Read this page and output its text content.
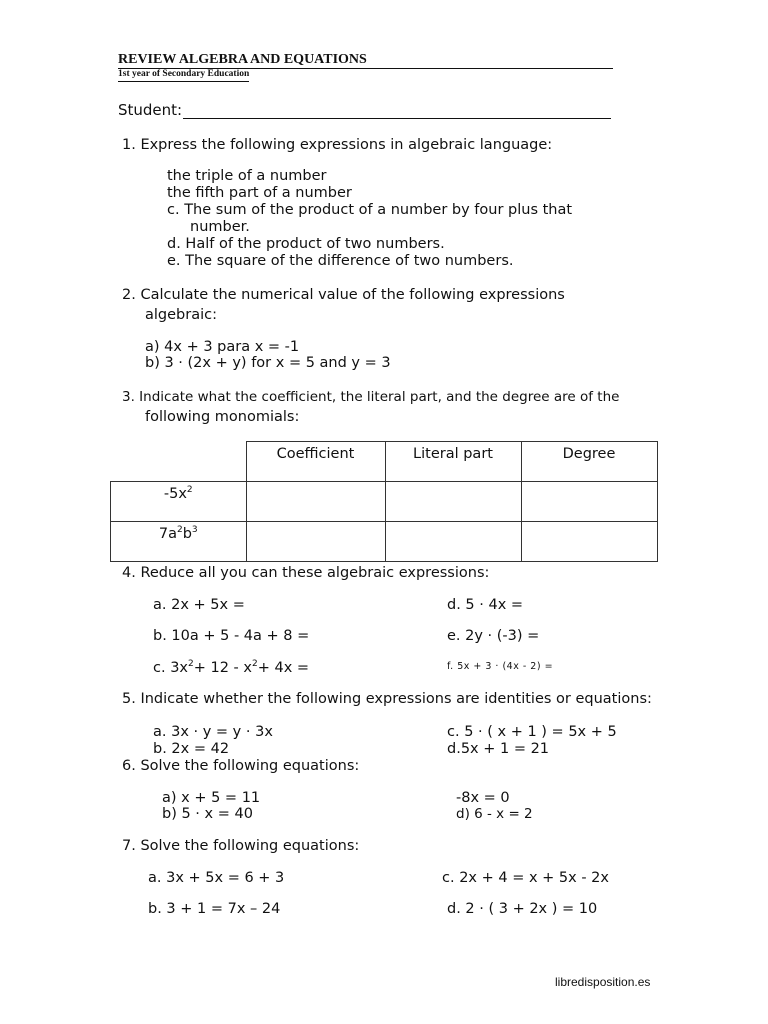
REVIEW ALGEBRA AND EQUATIONS
1st year of Secondary Education
Student:
1. Express the following expressions in algebraic language:
the triple of a number
the fifth part of a number
c. The sum of the product of a number by four plus that
number.
d. Half of the product of two numbers.
e. The square of the difference of two numbers.
2. Calculate the numerical value of the following expressions
algebraic:
a) 4x + 3 para x = -1
b) 3 · (2x + y) for x = 5 and y = 3
3. Indicate what the coefficient, the literal part, and the degree are of the
following monomials:
	Coefficient	Literal part	Degree
$-5x^2$			
$7a^2b^3$			
4. Reduce all you can these algebraic expressions:
a. 2x + 5x =
b. 10a + 5 - 4a + 8 =
c. $3x^2+ 12 - x^2+ 4x$ =
d. 5 · 4x =
e. 2y · (-3) =
f. 5x + 3 · (4x - 2) =
5. Indicate whether the following expressions are identities or equations:
a. 3x · y = y · 3x
b. 2x = 42
c. 5 · ( x + 1 ) = 5x + 5
d.5x + 1 = 21
6. Solve the following equations:
a) x + 5 = 11
b) 5 · x = 40
-8x = 0
d) 6 - x = 2
7. Solve the following equations:
a. 3x + 5x = 6 + 3
b. 3 + 1 = 7x – 24
c. 2x + 4 = x + 5x - 2x
d. 2 · ( 3 + 2x ) = 10
libredisposition.es
